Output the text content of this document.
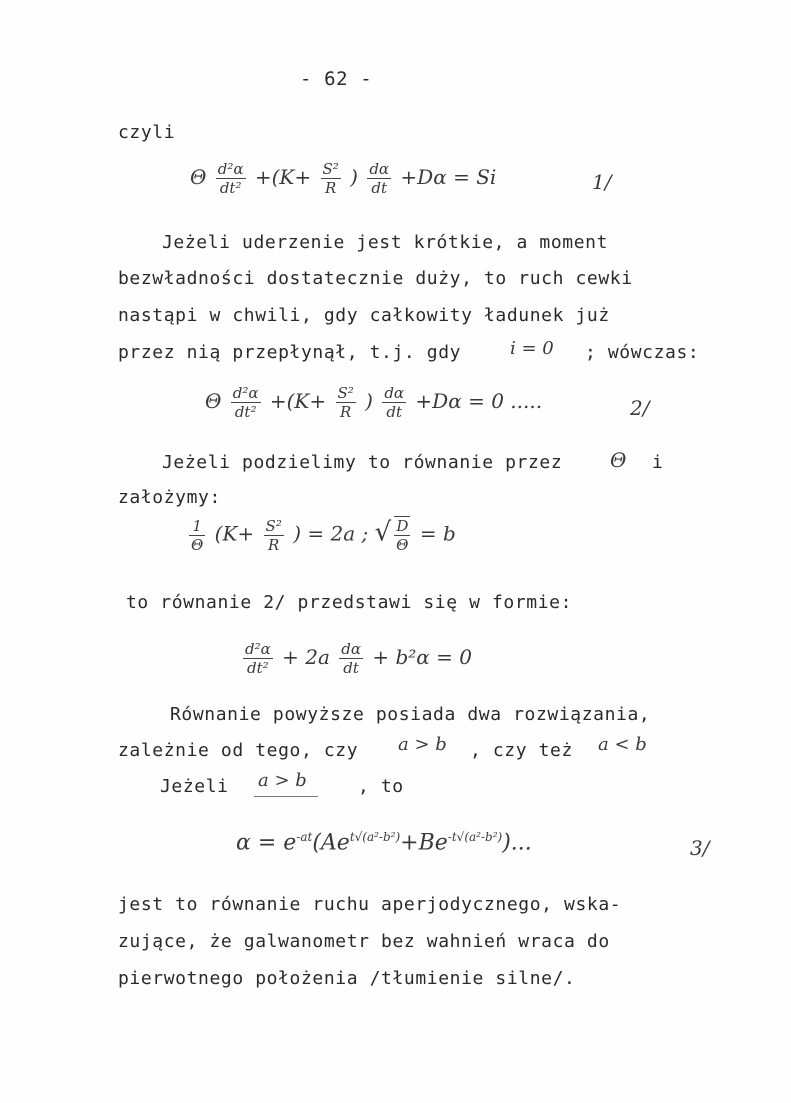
- 62 -
czyli
Θ $\frac{\text{d²α}}{\text{dt²}} +(K+ \frac{\text{S²}}{R}$ ) $\frac{d\alpha}{dt} +D\alpha = Si$	1/
Jeżeli uderzenie jest krótkie, a moment
bezwładności dostatecznie duży, to ruch cewki
nastąpi w chwili, gdy całkowity ładunek już
przez nią przepłynął, t.j. gdy	i = 0 ; wówczas:
Θ $\frac{\text{d²α}}{\text{dt²}} +(K+ \frac{\text{S²}}{R}$ ) $\frac{d\alpha}{dt} +D\alpha = 0$ .....	2/
Jeżeli podzielimy to równanie przez Θ i
założymy:
$\frac{1}{\Theta} (K+ \frac{\text{S²}}{R}$ ) = 2a ; √ $\frac{D}{\Theta} = b$
to równanie 2/ przedstawi się w formie:
$\frac{\text{d²α}}{\text{dt²}} + 2a \frac{d\alpha}{dt} + b^2\alpha = 0$
Równanie powyższe posiada dwa rozwiązania,
zależnie od tego, czy a > b , czy też a < b
Jeżeli a > b	, to
$\alpha = e^{-at}(Ae^{t√(a^2-b^2)}+Be^{-t√(a^2-b^2)})$...	3/
jest to równanie ruchu aperjodycznego, wska-
zujące, że galwanometr bez wahnień wraca do
pierwotnego położenia /tłumienie silne/.
